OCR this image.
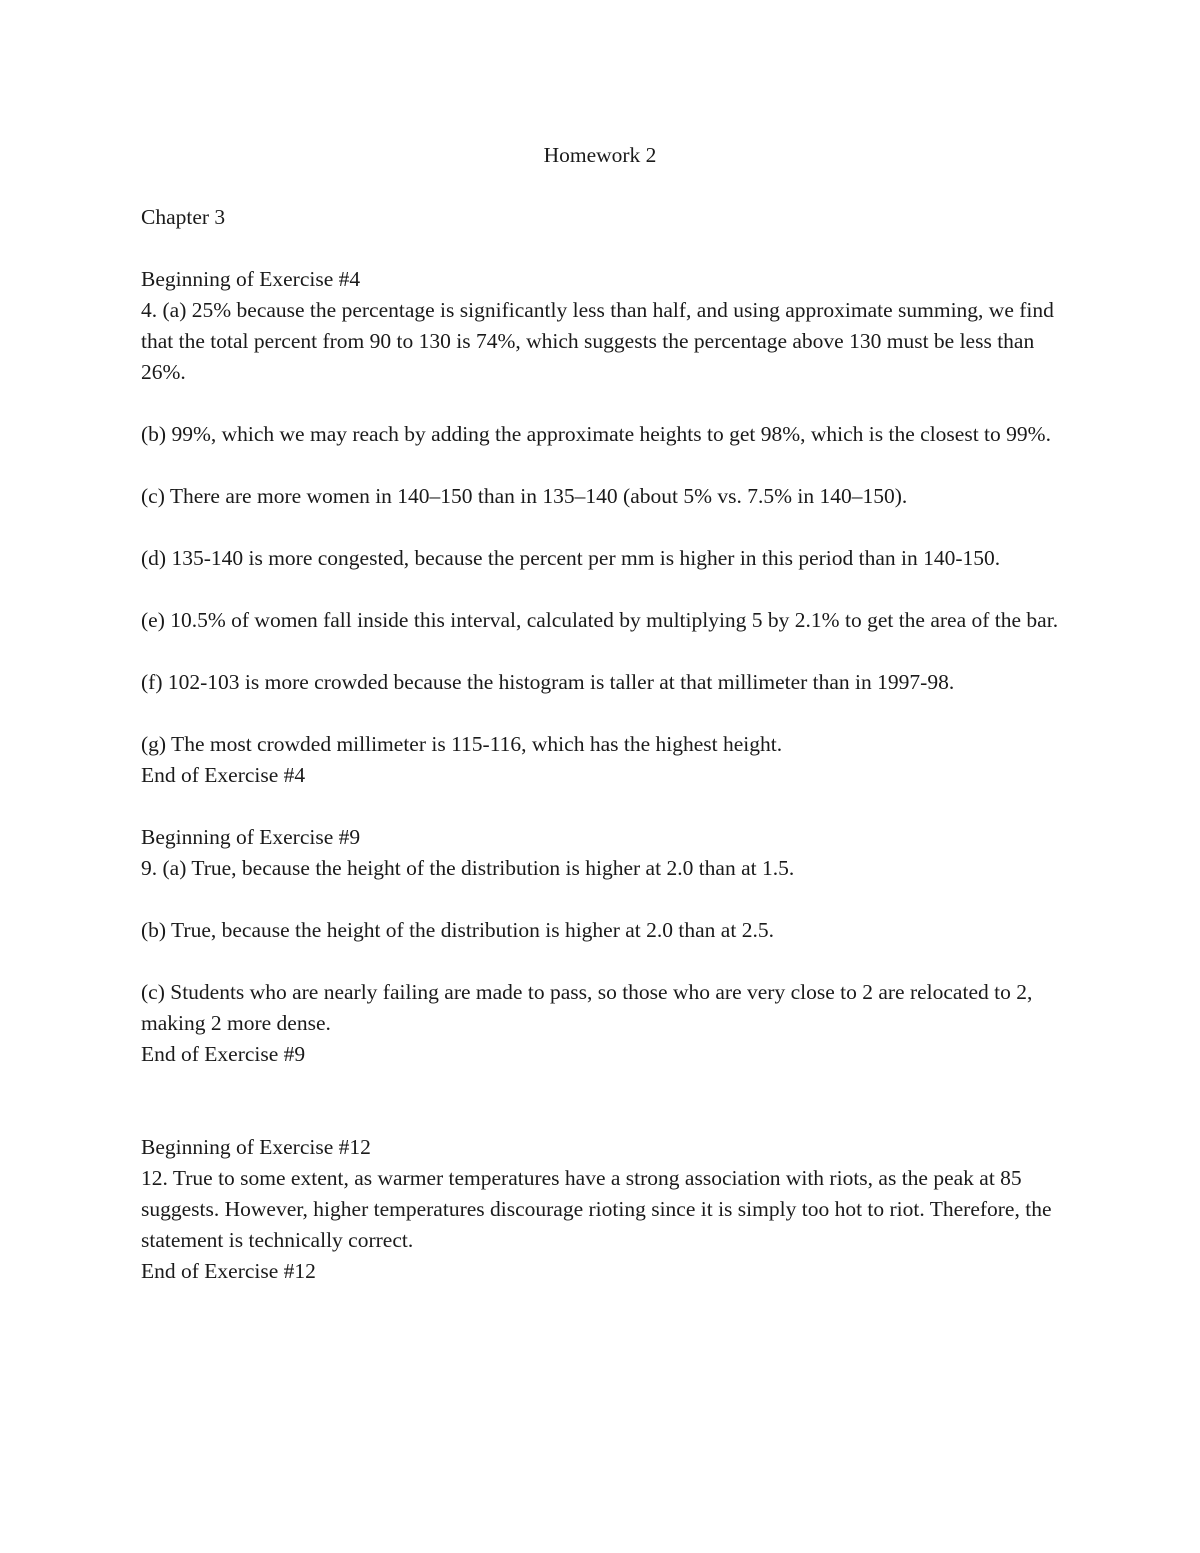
Homework 2

Chapter 3

Beginning of Exercise #4

4. (a) 25% because the percentage is significantly less than half, and using approximate summing, we find that the total percent from 90 to 130 is 74%, which suggests the percentage above 130 must be less than 26%.

(b) 99%, which we may reach by adding the approximate heights to get 98%, which is the closest to 99%.

(c) There are more women in 140–150 than in 135–140 (about 5% vs. 7.5% in 140–150).

(d) 135-140 is more congested, because the percent per mm is higher in this period than in 140-150.

(e) 10.5% of women fall inside this interval, calculated by multiplying 5 by 2.1% to get the area of the bar.

(f) 102-103 is more crowded because the histogram is taller at that millimeter than in 1997-98.

(g) The most crowded millimeter is 115-116, which has the highest height.

End of Exercise #4

Beginning of Exercise #9

9. (a) True, because the height of the distribution is higher at 2.0 than at 1.5.

(b) True, because the height of the distribution is higher at 2.0 than at 2.5.

(c) Students who are nearly failing are made to pass, so those who are very close to 2 are relocated to 2, making 2 more dense.

End of Exercise #9

Beginning of Exercise #12

12. True to some extent, as warmer temperatures have a strong association with riots, as the peak at 85 suggests. However, higher temperatures discourage rioting since it is simply too hot to riot. Therefore, the statement is technically correct.

End of Exercise #12
